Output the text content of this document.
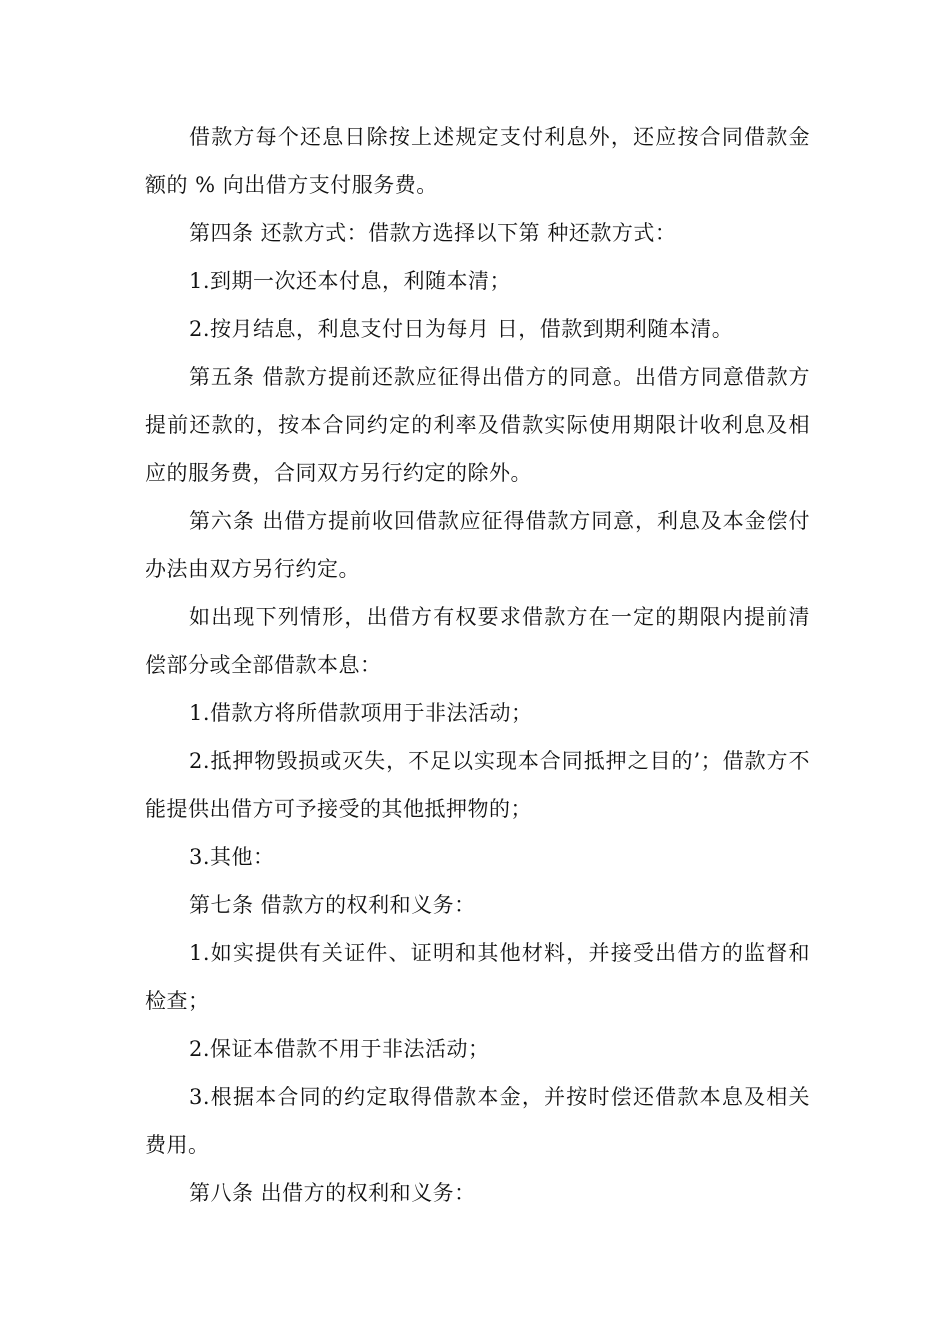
借款方每个还息日除按上述规定支付利息外，还应按合同借款金额的 % 向出借方支付服务费。

第四条 还款方式：借款方选择以下第 种还款方式：

1.到期一次还本付息，利随本清；

2.按月结息，利息支付日为每月 日，借款到期利随本清。

第五条 借款方提前还款应征得出借方的同意。出借方同意借款方提前还款的，按本合同约定的利率及借款实际使用期限计收利息及相应的服务费，合同双方另行约定的除外。

第六条 出借方提前收回借款应征得借款方同意，利息及本金偿付办法由双方另行约定。

如出现下列情形，出借方有权要求借款方在一定的期限内提前清偿部分或全部借款本息：

1.借款方将所借款项用于非法活动；

2.抵押物毁损或灭失，不足以实现本合同抵押之目的’；借款方不能提供出借方可予接受的其他抵押物的；

3.其他：

第七条 借款方的权利和义务：

1.如实提供有关证件、证明和其他材料，并接受出借方的监督和检查；

2.保证本借款不用于非法活动；

3.根据本合同的约定取得借款本金，并按时偿还借款本息及相关费用。

第八条 出借方的权利和义务：
